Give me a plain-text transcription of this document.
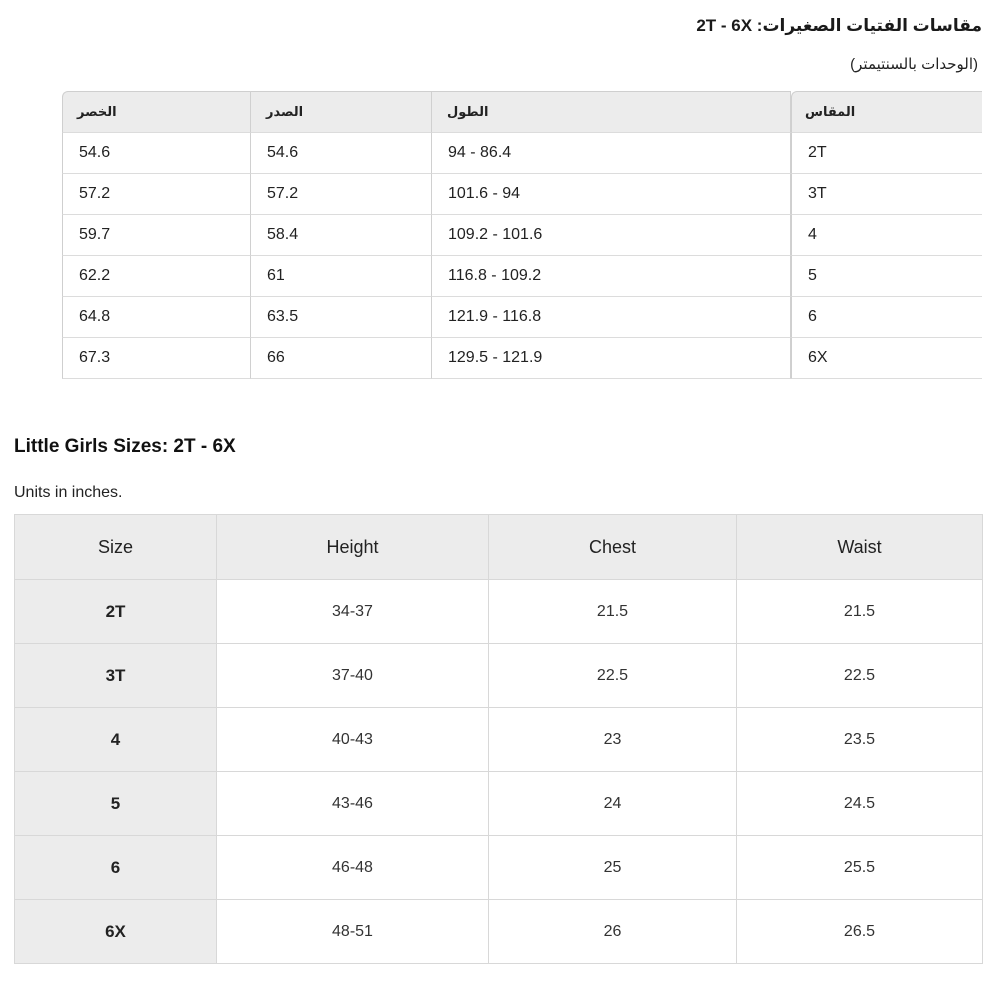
مقاسات الفتيات الصغيرات: 2T - 6X
(الوحدات بالسنتيمتر)
الخصر	الصدر	الطول	المقاس
54.6	54.6	94 - 86.4	2T
57.2	57.2	101.6 - 94	3T
59.7	58.4	109.2 - 101.6	4
62.2	61	116.8 - 109.2	5
64.8	63.5	121.9 - 116.8	6
67.3	66	129.5 - 121.9	6X
Little Girls Sizes: 2T - 6X
Units in inches.
Size	Height	Chest	Waist
2T	34-37	21.5	21.5
3T	37-40	22.5	22.5
4	40-43	23	23.5
5	43-46	24	24.5
6	46-48	25	25.5
6X	48-51	26	26.5
